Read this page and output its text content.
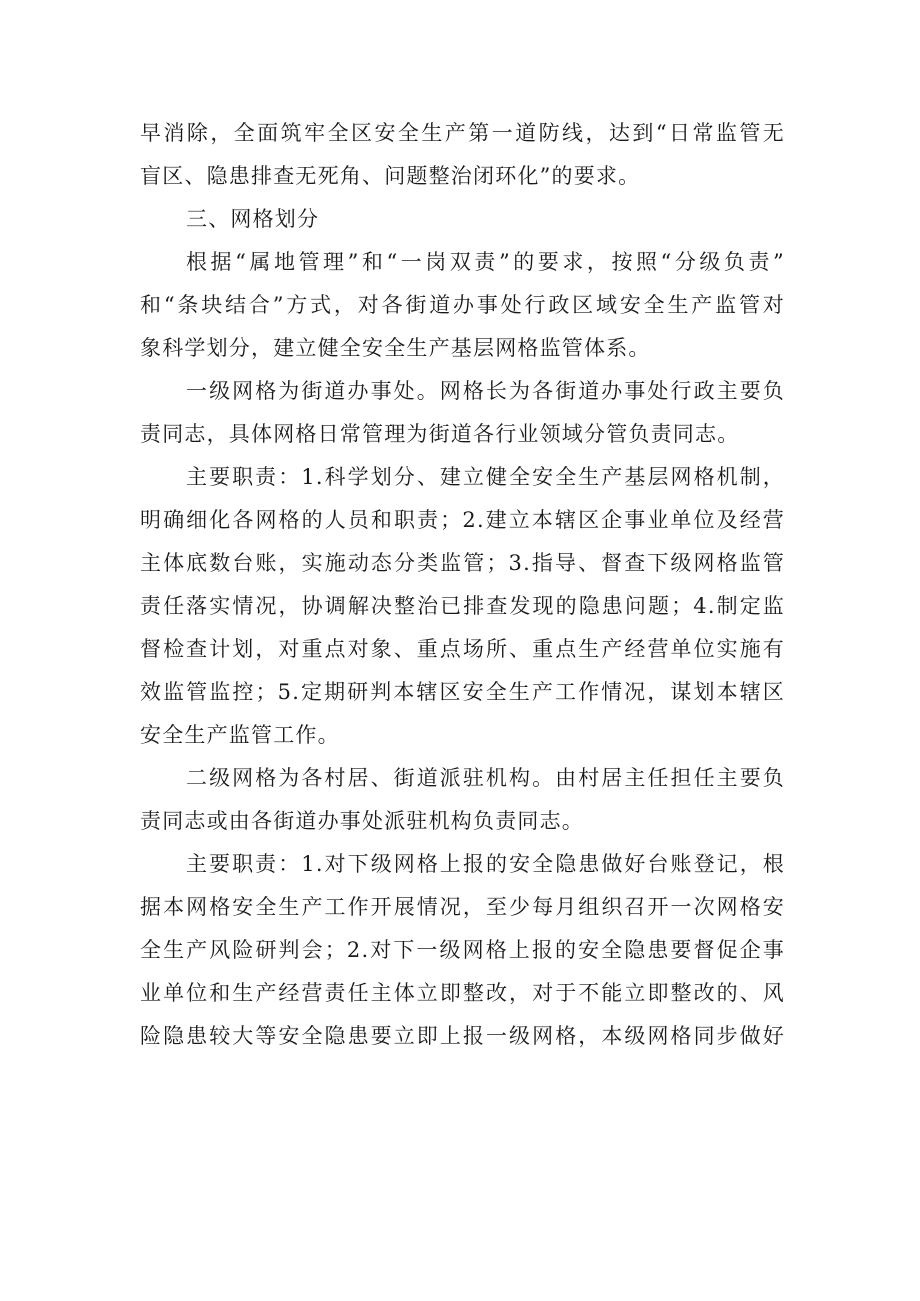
早消除，全面筑牢全区安全生产第一道防线，达到“日常监管无
盲区、隐患排查无死角、问题整治闭环化”的要求。
三、网格划分
根据“属地管理”和“一岗双责”的要求，按照“分级负责”
和“条块结合”方式，对各街道办事处行政区域安全生产监管对
象科学划分，建立健全安全生产基层网格监管体系。
一级网格为街道办事处。网格长为各街道办事处行政主要负
责同志，具体网格日常管理为街道各行业领域分管负责同志。
主要职责：1.科学划分、建立健全安全生产基层网格机制，
明确细化各网格的人员和职责；2.建立本辖区企事业单位及经营
主体底数台账，实施动态分类监管；3.指导、督查下级网格监管
责任落实情况，协调解决整治已排查发现的隐患问题；4.制定监
督检查计划，对重点对象、重点场所、重点生产经营单位实施有
效监管监控；5.定期研判本辖区安全生产工作情况，谋划本辖区
安全生产监管工作。
二级网格为各村居、街道派驻机构。由村居主任担任主要负
责同志或由各街道办事处派驻机构负责同志。
主要职责：1.对下级网格上报的安全隐患做好台账登记，根
据本网格安全生产工作开展情况，至少每月组织召开一次网格安
全生产风险研判会；2.对下一级网格上报的安全隐患要督促企事
业单位和生产经营责任主体立即整改，对于不能立即整改的、风
险隐患较大等安全隐患要立即上报一级网格，本级网格同步做好
